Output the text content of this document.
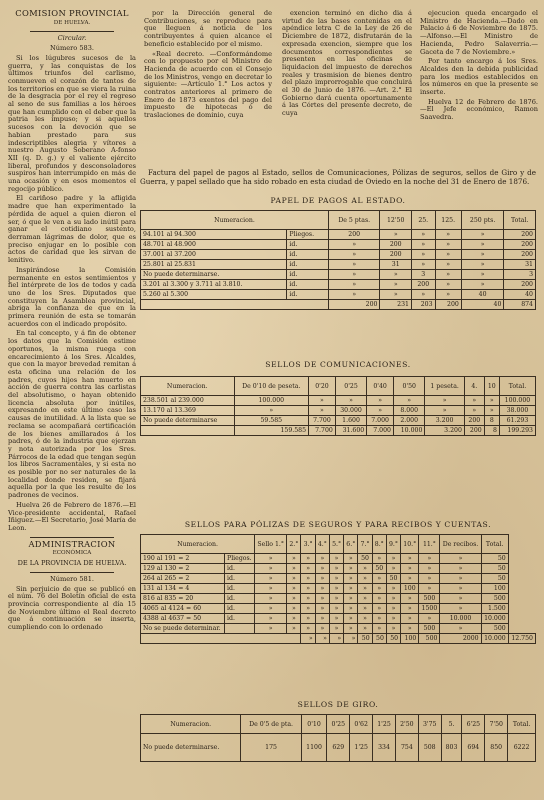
COMISION PROVINCIAL

DE HUELVA.

Circular.

Número 583.

Si los lúgubres sucesos de la guerra, y las conquistas de los últimos triunfos del carlismo, conmueven el corazón de tantos de los territorios en que se viera la ruina de la desgracia por el rey el regreso al seno de sus familias a los héroes que han cumplido con el deber que la patria les impuso; y si aquellos sucesos con la devoción que se habian prestado para sus indescriptibles alegria y vítores a nuestro Augusto Soberano A-fonso XII (q. D. g.) y el valiente ejército liberal, profundos y desconsoladores suspiros han interrumpido en más de una ocasión y en esos momentos el regocijo público.

El cariñoso padre y la afligida madre que han experimentado la pérdida de aquel a quien dieron el ser, ó que le ven a su lado inútil para ganar el cotidiano sustento, derraman lágrimas de dolor, que es preciso enjugar en lo posible con actos de caridad que les sirvan de lenitivo.

Inspirándose la Comisión permanente en estos sentimientos y fiel intérprete de los de todos y cada uno de los Sres. Diputados que constituyen la Asamblea provincial, abriga la confianza de que en la primera reunión de esta se tomarán acuerdos con el indicado propósito.

En tal concepto, y á fin de obtener los datos que la Comisión estime oportunos, la misma ruega con encarecimiento á los Sres. Alcaldes, que con la mayor brevedad remitan á esta oficina una relación de los padres, cuyos hijos han muerto en acción de guerra contra las carlistas del absolutismo, o hayan obtenido licencia absoluta por inútiles, expresando en este último caso las causas de inutilidad. A la lista que se reclama se acompañará certificación de los bienes amillarados á los padres, ó de la industria que ejerzan y nota autorizada por los Sres. Párrocos de la edad que tengan según los libros Sacramentales, y si esta no es posible por no ser naturales de la localidad donde residen, se fijará aquella por la que les resulte de los padrones de vecinos.

Huelva 26 de Febrero de 1876.—El Vice-presidente accidental, Rafael Iñiguez.—El Secretario, José María de Leon.

ADMINISTRACION

ECONÓMICA

DE LA PROVINCIA DE HUELVA.

Número 581.

Sin perjuicio de que se publicó en el núm. 76 del Boletín oficial de esta provincia correspondiente al día 15 de Noviembre último el Real decreto que á continuación se inserta, cumpliendo con lo ordenado

por la Dirección general de Contribuciones, se reproduce para que lleguen á noticia de los contribuyentes á quien alcance el beneficio establecido por el mismo.

«Real decreto. —Conformándome con lo propuesto por el Ministro de Hacienda de acuerdo con el Consejo de los Ministros, vengo en decretar lo siguiente: —Artículo 1.° Los actos y contratos anteriores al primero de Enero de 1873 exentos del pago del impuesto de hipotecas ó de traslaciones de dominio, cuya

exencion terminó en dicho dia á virtud de las bases contenidas en el apéndice letra C de la Ley de 26 de Diciembre de 1872, disfrutarán de la expresada exencion, siempre que los documentos correspondientes se presenten en las oficinas de liquidacion del impuesto de derechos reales y trasmision de bienes dentro del plazo improrrogable que concluirá el 30 de Junio de 1876. —Art. 2.° El Gobierno dará cuenta oportunamente á las Córtes del presente decreto, de cuya

ejecucion queda encargado el Ministro de Hacienda.—Dado en Palacio á 6 de Noviembre de 1875. —Alfonso.—El Ministro de Hacienda, Pedro Salaverria.—Gaceta de 7 de Noviembre.»

Por tanto encargo á los Sres. Alcaldes den la debida publicidad para los medios establecidos en los números en que la presente se inserte.

Huelva 12 de Febrero de 1876. —El Jefe económico, Ramon Saavedra.

Factura del papel de pagos al Estado, sellos de Comunicaciones, Pólizas de seguros, sellos de Giro y de Guerra, y papel sellado que ha sido robado en esta ciudad de Oviedo en la noche del 31 de Enero de 1876.
PAPEL DE PAGOS AL ESTADO.
Numeracion.		De 5 ptas.	12'50	25.	125.	250 pts.	Total.
94.101 al 94.300	Pliegos.	200	»	»	»	»	200
48.701 al 48.900	id.	»	200	»	»	»	200
37.001 al 37.200	id.	»	200	»	»	»	200
25.801 al 25.831	id.	»	31	»	»	»	31
No puede determinarse.	id.	»	»	3	»	»	3
3.201 al 3.300 y 3.711 al 3.810.	id.	»	»	200	»	»	200
5.260 al 5.300	id.	»	»	»	»	40	40
		200	231	203	200	40	874
SELLOS DE COMUNICACIONES.
Numeracion.	De 0'10 de peseta.	0'20	0'25	0'40	0'50	1 peseta.	4.	10	Total.
238.501 al 239.000	100.000	»	»	»	»	»	»	»	100.000
13.170 al 13.369	»	»	30.000	»	8.000	»	»	»	38.000
No puede determinarse	59.585	7.700	1.600	7.000	2.000	3.200	200	8	61.293
	159.585	7.700	31.600	7.000	10.000	3.200	200	8	199.293
SELLOS PARA PÓLIZAS DE SEGUROS Y PARA RECIBOS Y CUENTAS.
Numeracion.		Sello 1.°	2.°	3.°	4.°	5.°	6.°	7.°	8.°	9.°	10.°	11.°	De recibos.	Total.	
190 al 191 = 2	Pliegos.	»	»	»	»	»	»	50	»	»	»	»	»	50	
129 al 130 = 2	id.	»	»	»	»	»	»	»	50	»	»	»	»	50	
264 al 265 = 2	id.	»	»	»	»	»	»	»	»	50	»	»	»	50	
131 al 134 = 4	id.	»	»	»	»	»	»	»	»	»	100	»	»	100	
816 al 835 = 20	id.	»	»	»	»	»	»	»	»	»	»	500	»	500	
4065 al 4124 = 60	id.	»	»	»	»	»	»	»	»	»	»	1500	»	1.500	
4388 al 4637 = 50	id.	»	»	»	»	»	»	»	»	»	»	»	10.000	10.000	
No se puede determinar.		»	»	»	»	»	»	»	»	»	»	500	»	500	
				»	»	»	»	50	50	50	100	500	2000	10.000	12.750
SELLOS DE GIRO.
Numeracion.	De 0'5 de pta.	0'10	0'25	0'62	1'25	2'50	3'75	5.	6'25	7'50	Total.
No puede determinarse.	175	1100	629	1'25	334	754	508	803	694	850	6222
